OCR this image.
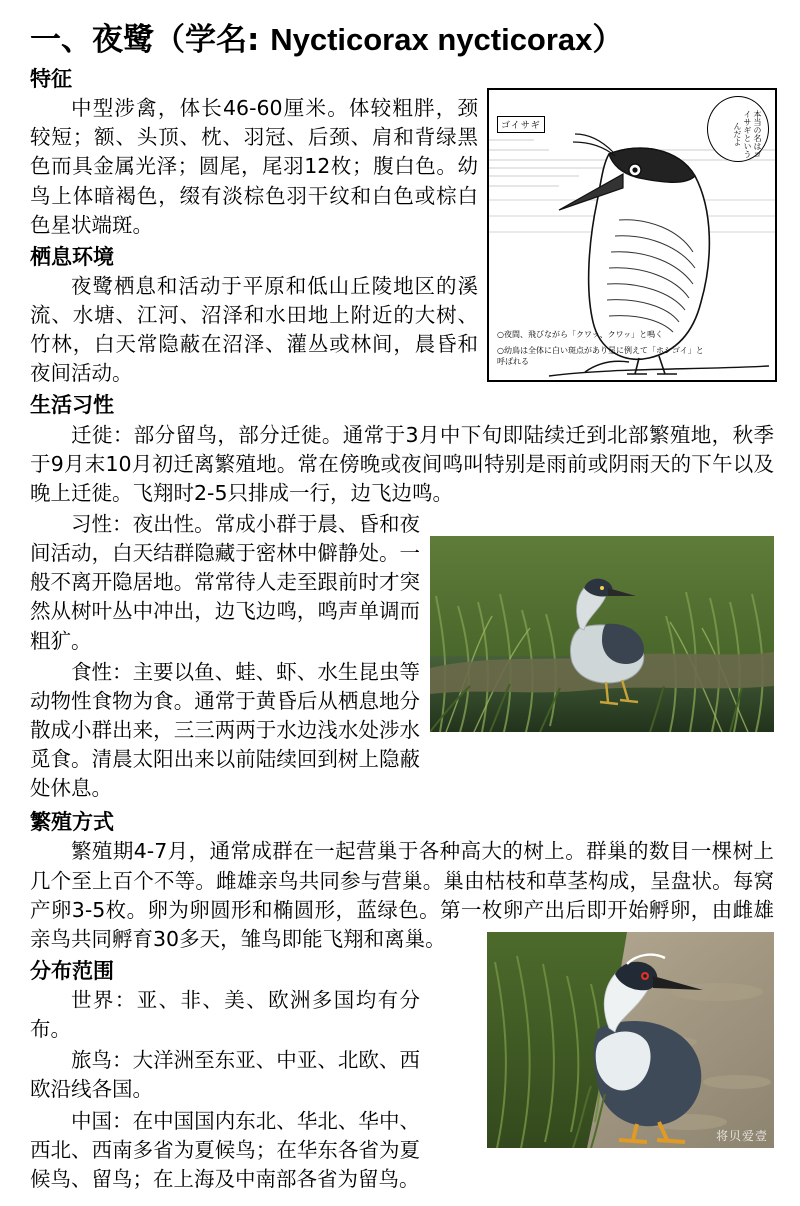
一、夜鹭（学名: Nycticorax nycticorax）
ゴイサギ	本当の名はゴイサギというんだよ
○夜間、飛びながら「クワッ、クワッ」と鳴く
○幼鳥は全体に白い斑点があり星に例えて「ホシゴイ」と呼ばれる
将贝爱壹
特征

中型涉禽，体长46-60厘米。体较粗胖，颈较短；额、头顶、枕、羽冠、后颈、肩和背绿黑色而具金属光泽；圆尾，尾羽12枚；腹白色。幼鸟上体暗褐色，缀有淡棕色羽干纹和白色或棕白色星状端斑。

栖息环境

夜鹭栖息和活动于平原和低山丘陵地区的溪流、水塘、江河、沼泽和水田地上附近的大树、竹林，白天常隐蔽在沼泽、灌丛或林间，晨昏和夜间活动。

生活习性

迁徙：部分留鸟，部分迁徙。通常于3月中下旬即陆续迁到北部繁殖地，秋季于9月末10月初迁离繁殖地。常在傍晚或夜间鸣叫特别是雨前或阴雨天的下午以及晚上迁徙。飞翔时2-5只排成一行，边飞边鸣。

习性：夜出性。常成小群于晨、昏和夜间活动，白天结群隐藏于密林中僻静处。一般不离开隐居地。常常待人走至跟前时才突然从树叶丛中冲出，边飞边鸣，鸣声单调而粗犷。

食性：主要以鱼、蛙、虾、水生昆虫等动物性食物为食。通常于黄昏后从栖息地分散成小群出来，三三两两于水边浅水处涉水觅食。清晨太阳出来以前陆续回到树上隐蔽处休息。

繁殖方式

繁殖期4-7月，通常成群在一起营巢于各种高大的树上。群巢的数目一棵树上几个至上百个不等。雌雄亲鸟共同参与营巢。巢由枯枝和草茎构成，呈盘状。每窝产卵3-5枚。卵为卵圆形和椭圆形，蓝绿色。第一枚卵产出后即开始孵卵，由雌雄亲鸟共同孵育30多天，雏鸟即能飞翔和离巢。

分布范围

世界：亚、非、美、欧洲多国均有分布。

旅鸟：大洋洲至东亚、中亚、北欧、西欧沿线各国。

中国：在中国国内东北、华北、华中、西北、西南多省为夏候鸟；在华东各省为夏候鸟、留鸟；在上海及中南部各省为留鸟。
